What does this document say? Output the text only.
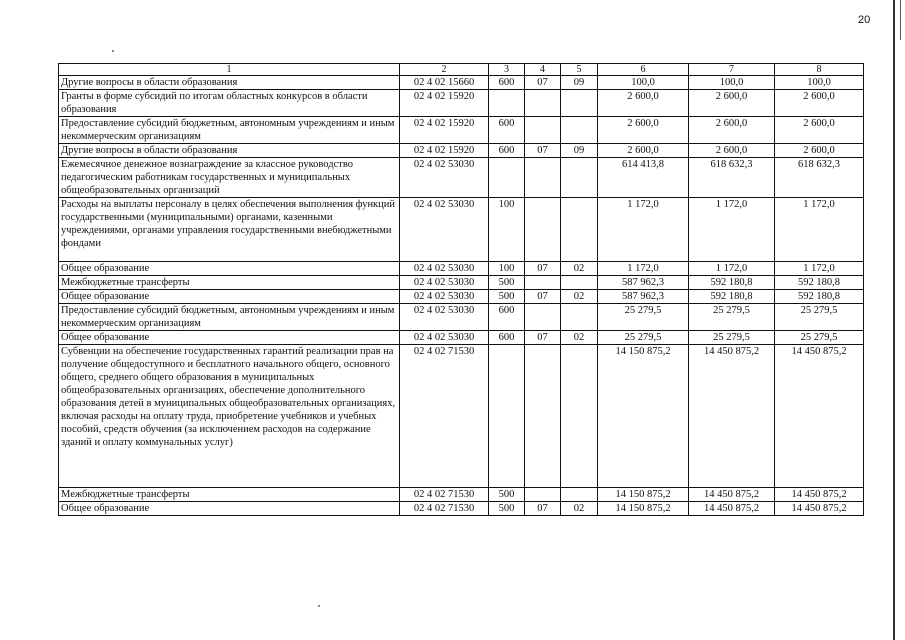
20
1	2	3	4	5	6	7	8
Другие вопросы в области образования	02 4 02 15660	600	07	09	100,0	100,0	100,0
Гранты в форме субсидий по итогам областных конкурсов в области образования	02 4 02 15920				2 600,0	2 600,0	2 600,0
Предоставление субсидий бюджетным, автономным учреждениям и иным некоммерческим организациям	02 4 02 15920	600			2 600,0	2 600,0	2 600,0
Другие вопросы в области образования	02 4 02 15920	600	07	09	2 600,0	2 600,0	2 600,0
Ежемесячное денежное вознаграждение за классное руководство педагогическим работникам государственных и муниципальных общеобразовательных организаций	02 4 02 53030				614 413,8	618 632,3	618 632,3
Расходы на выплаты персоналу в целях обеспечения выполнения функций государственными (муниципальными) органами, казенными учреждениями, органами управления государственными внебюджетными фондами	02 4 02 53030	100			1 172,0	1 172,0	1 172,0
Общее образование	02 4 02 53030	100	07	02	1 172,0	1 172,0	1 172,0
Межбюджетные трансферты	02 4 02 53030	500			587 962,3	592 180,8	592 180,8
Общее образование	02 4 02 53030	500	07	02	587 962,3	592 180,8	592 180,8
Предоставление субсидий бюджетным, автономным учреждениям и иным некоммерческим организациям	02 4 02 53030	600			25 279,5	25 279,5	25 279,5
Общее образование	02 4 02 53030	600	07	02	25 279,5	25 279,5	25 279,5
Субвенции на обеспечение государственных гарантий реализации прав на получение общедоступного и бесплатного начального общего, основного общего, среднего общего образования в муниципальных общеобразовательных организациях, обеспечение дополнительного образования детей в муниципальных общеобразовательных организациях, включая расходы на оплату труда, приобретение учебников и учебных пособий, средств обучения (за исключением расходов на содержание зданий и оплату коммунальных услуг)	02 4 02 71530				14 150 875,2	14 450 875,2	14 450 875,2
Межбюджетные трансферты	02 4 02 71530	500			14 150 875,2	14 450 875,2	14 450 875,2
Общее образование	02 4 02 71530	500	07	02	14 150 875,2	14 450 875,2	14 450 875,2
